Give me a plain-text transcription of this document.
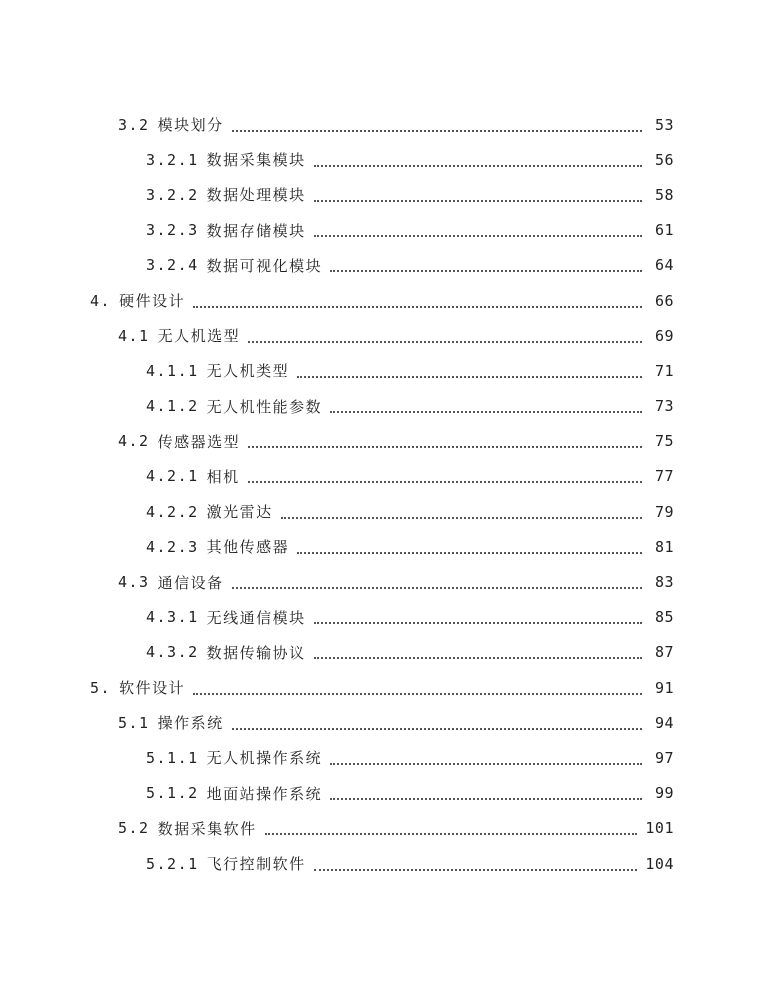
3.2 模块划分	53
3.2.1 数据采集模块	56
3.2.2 数据处理模块	58
3.2.3 数据存储模块	61
3.2.4 数据可视化模块	64
4. 硬件设计	66
4.1 无人机选型	69
4.1.1 无人机类型	71
4.1.2 无人机性能参数	73
4.2 传感器选型	75
4.2.1 相机	77
4.2.2 激光雷达	79
4.2.3 其他传感器	81
4.3 通信设备	83
4.3.1 无线通信模块	85
4.3.2 数据传输协议	87
5. 软件设计	91
5.1 操作系统	94
5.1.1 无人机操作系统	97
5.1.2 地面站操作系统	99
5.2 数据采集软件	101
5.2.1 飞行控制软件	104
